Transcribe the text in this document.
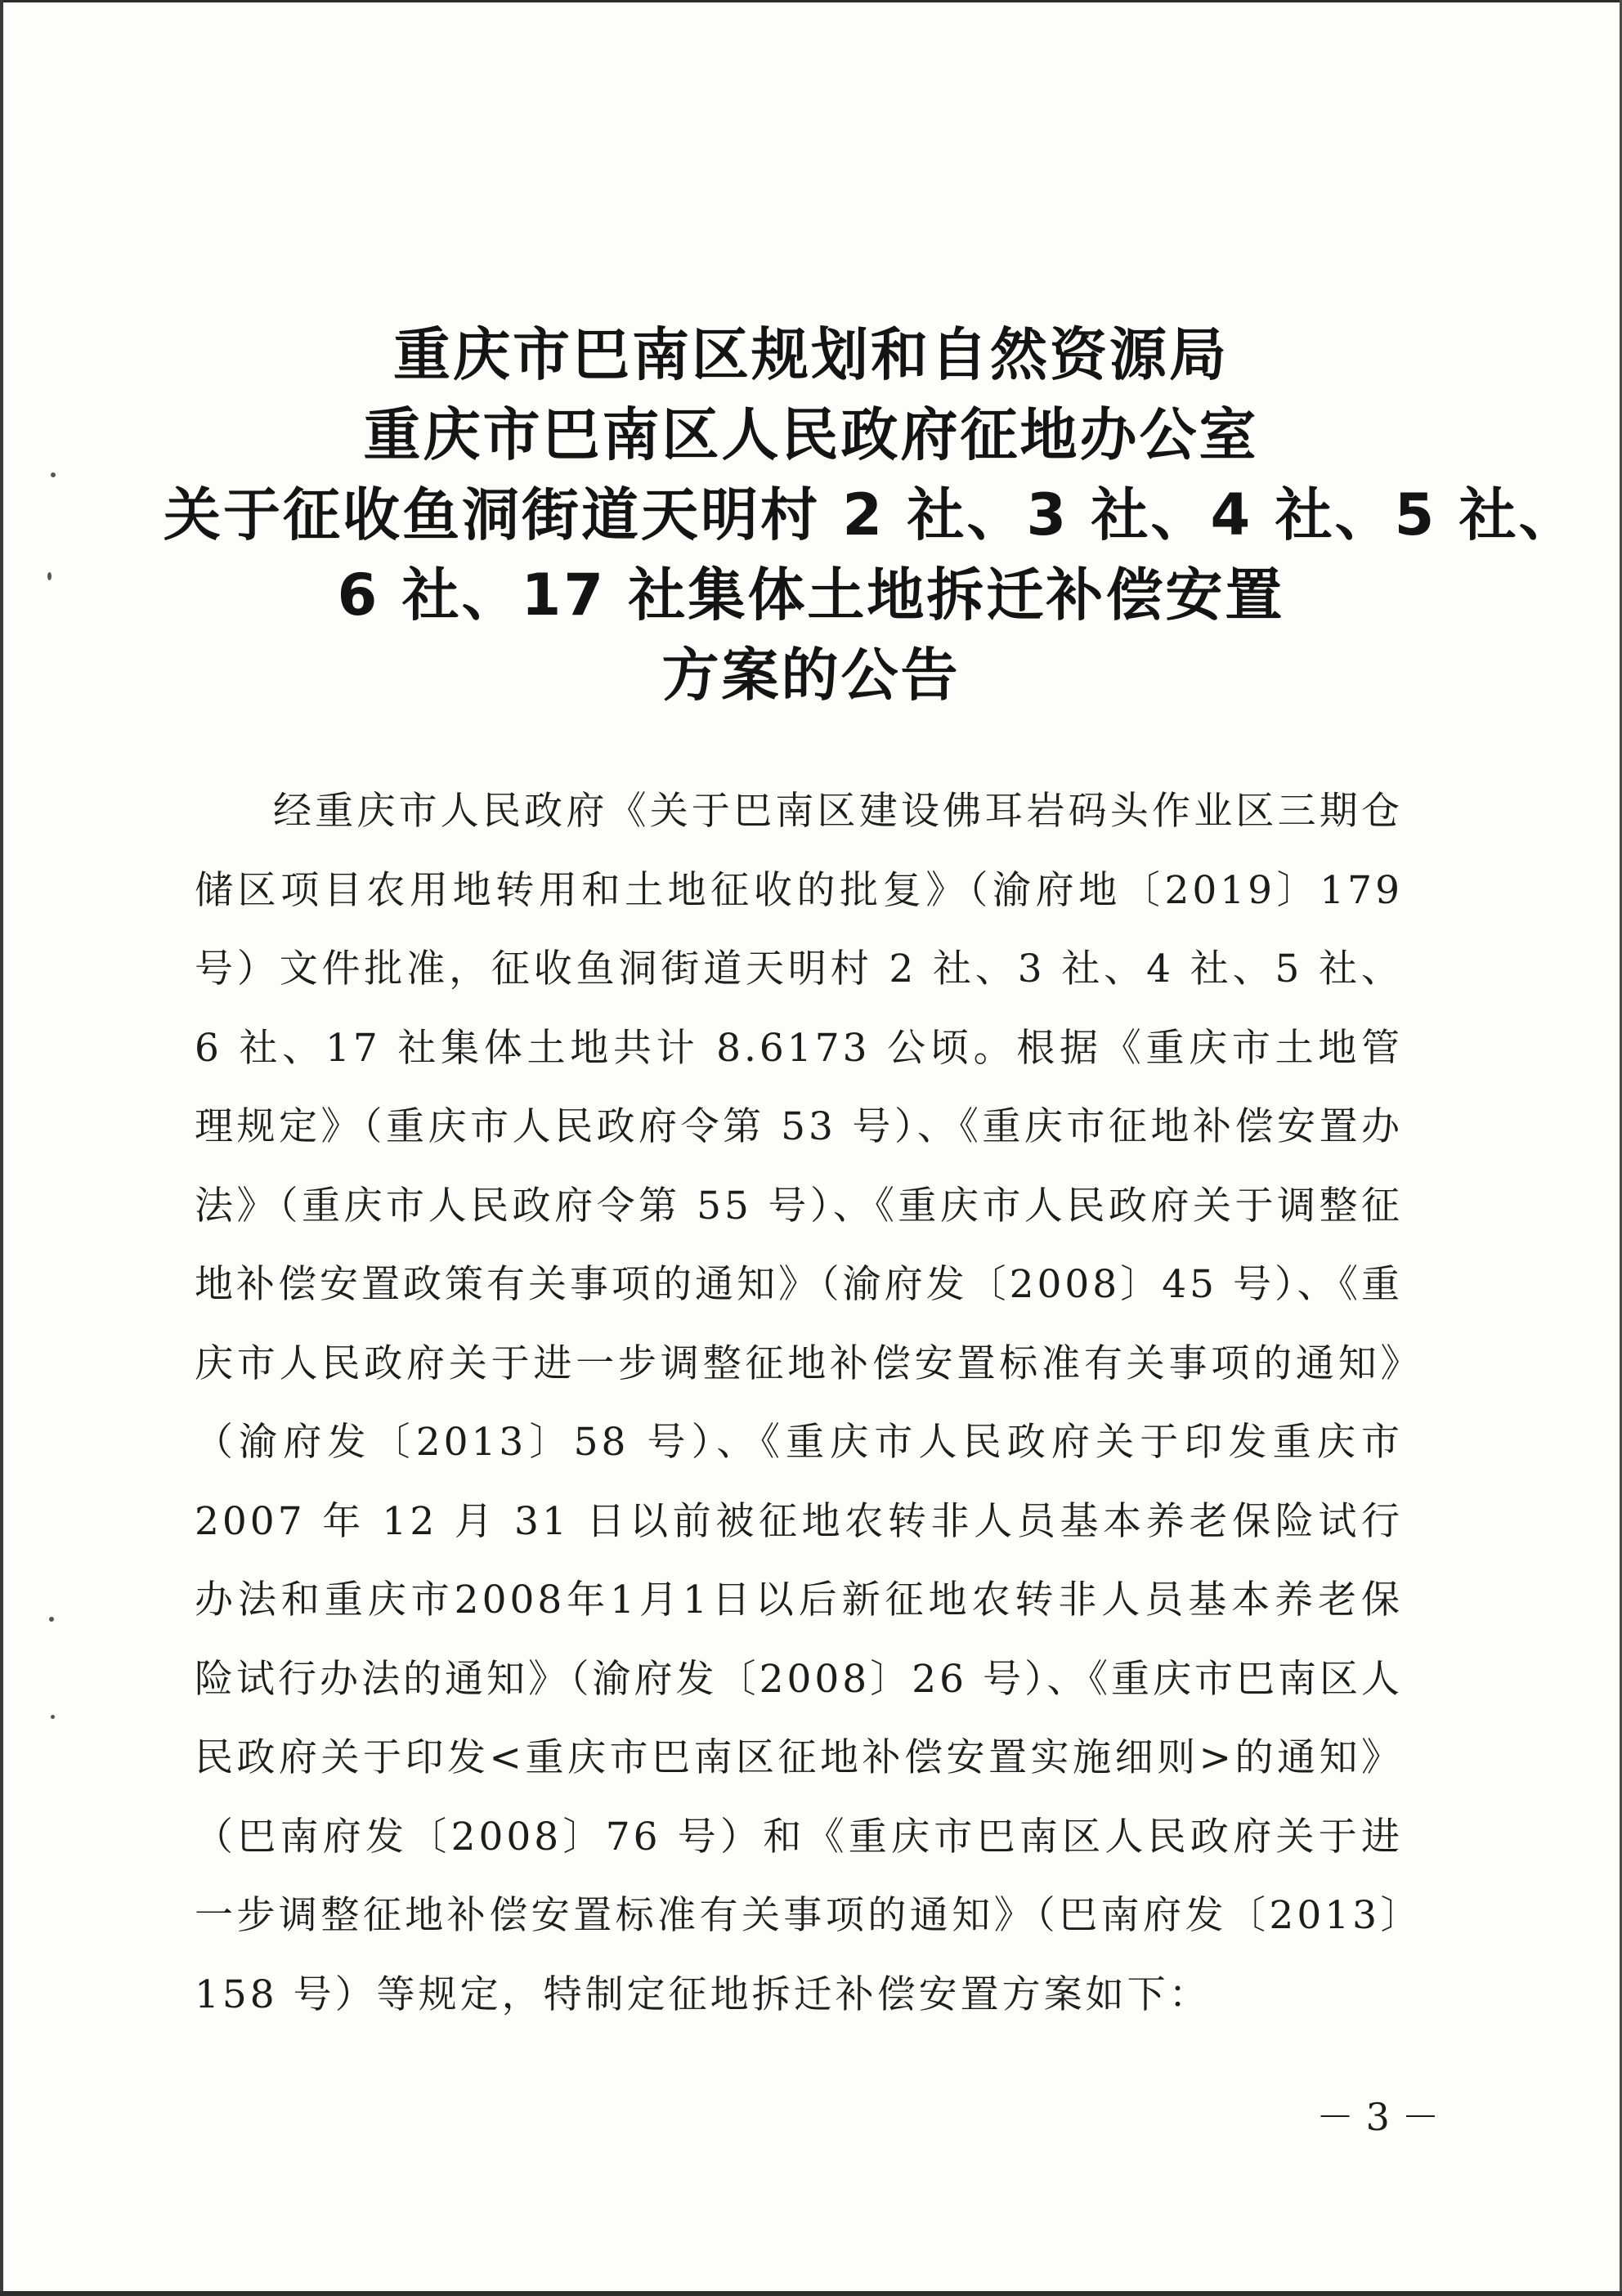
重庆市巴南区规划和自然资源局
重庆市巴南区人民政府征地办公室
关于征收鱼洞街道天明村 2 社、3 社、4 社、5 社、
6 社、17 社集体土地拆迁补偿安置
方案的公告
经重庆市人民政府《关于巴南区建设佛耳岩码头作业区三期仓储区项目农用地转用和土地征收的批复》（渝府地〔2019〕179号）文件批准，征收鱼洞街道天明村 2 社、3 社、4 社、5 社、6 社、17 社集体土地共计 8.6173 公顷。根据《重庆市土地管理规定》（重庆市人民政府令第 53 号）、《重庆市征地补偿安置办法》（重庆市人民政府令第 55 号）、《重庆市人民政府关于调整征地补偿安置政策有关事项的通知》（渝府发〔2008〕45 号）、《重庆市人民政府关于进一步调整征地补偿安置标准有关事项的通知》（渝府发〔2013〕58 号）、《重庆市人民政府关于印发重庆市 2007 年 12 月 31 日以前被征地农转非人员基本养老保险试行办法和重庆市2008年1月1日以后新征地农转非人员基本养老保险试行办法的通知》（渝府发〔2008〕26 号）、《重庆市巴南区人民政府关于印发<重庆市巴南区征地补偿安置实施细则>的通知》（巴南府发〔2008〕76 号）和《重庆市巴南区人民政府关于进一步调整征地补偿安置标准有关事项的通知》（巴南府发〔2013〕158 号）等规定，特制定征地拆迁补偿安置方案如下：
－ 3 －
